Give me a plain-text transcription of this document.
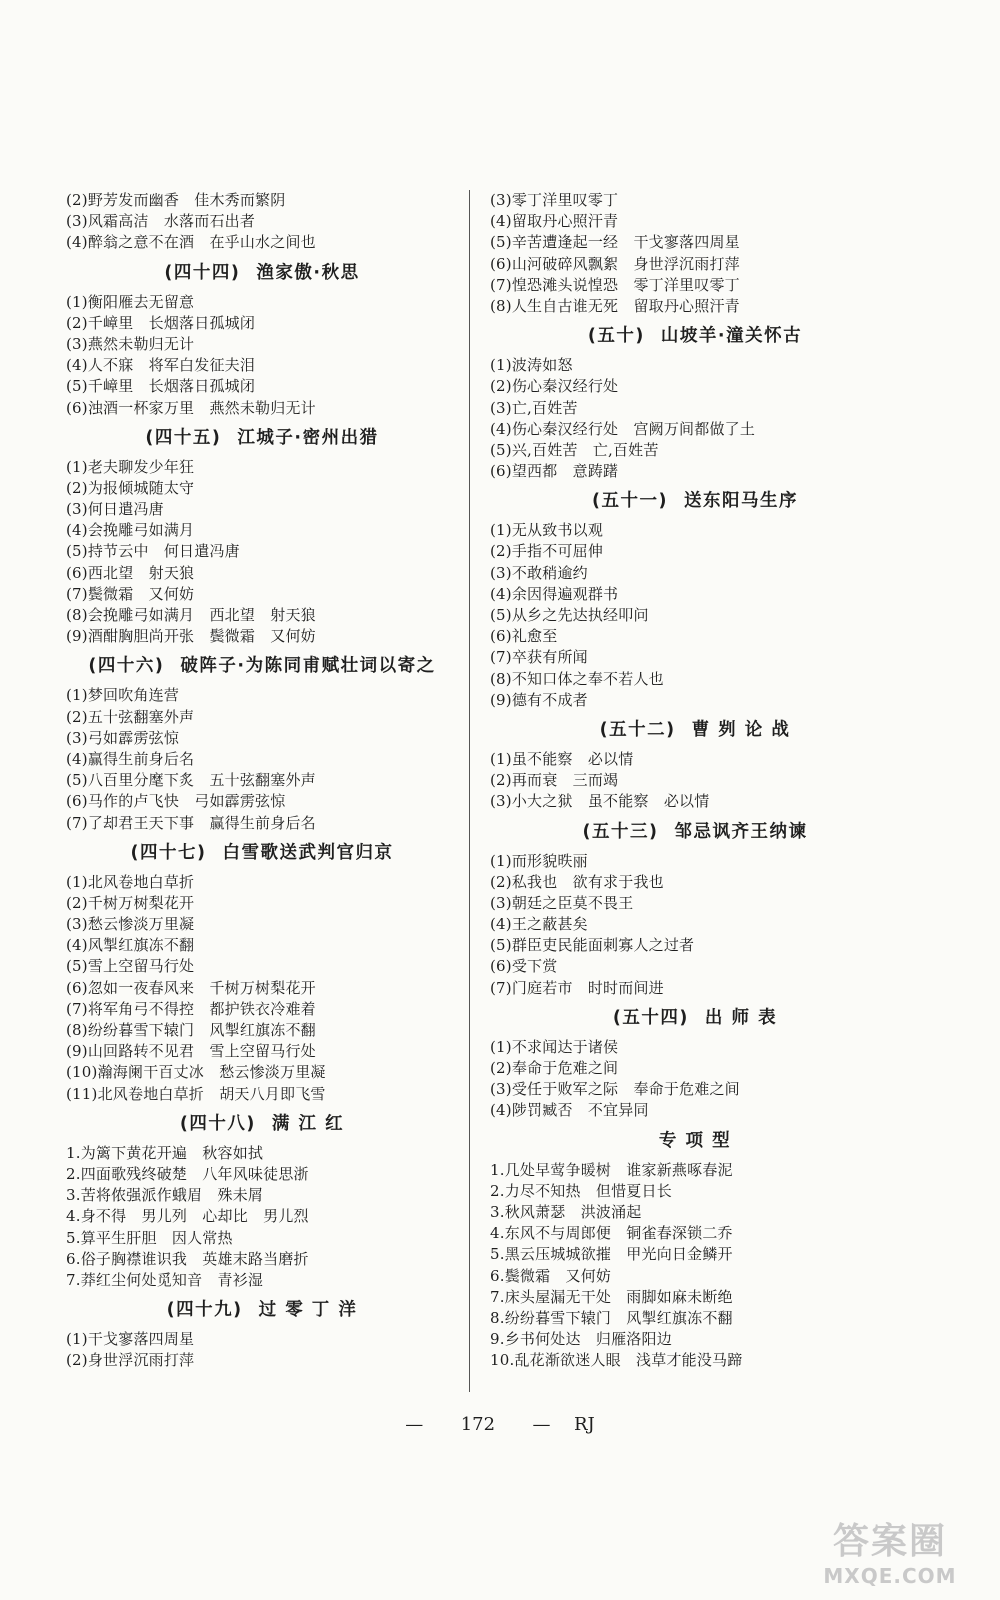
(2)野芳发而幽香　佳木秀而繁阴
(3)风霜高洁　水落而石出者
(4)醉翁之意不在酒　在乎山水之间也
(四十四) 渔家傲·秋思
(1)衡阳雁去无留意
(2)千嶂里　长烟落日孤城闭
(3)燕然未勒归无计
(4)人不寐　将军白发征夫泪
(5)千嶂里　长烟落日孤城闭
(6)浊酒一杯家万里　燕然未勒归无计
(四十五) 江城子·密州出猎
(1)老夫聊发少年狂
(2)为报倾城随太守
(3)何日遣冯唐
(4)会挽雕弓如满月
(5)持节云中　何日遣冯唐
(6)西北望　射天狼
(7)鬓微霜　又何妨
(8)会挽雕弓如满月　西北望　射天狼
(9)酒酣胸胆尚开张　鬓微霜　又何妨
(四十六) 破阵子·为陈同甫赋壮词以寄之
(1)梦回吹角连营
(2)五十弦翻塞外声
(3)弓如霹雳弦惊
(4)赢得生前身后名
(5)八百里分麾下炙　五十弦翻塞外声
(6)马作的卢飞快　弓如霹雳弦惊
(7)了却君王天下事　赢得生前身后名
(四十七) 白雪歌送武判官归京
(1)北风卷地白草折
(2)千树万树梨花开
(3)愁云惨淡万里凝
(4)风掣红旗冻不翻
(5)雪上空留马行处
(6)忽如一夜春风来　千树万树梨花开
(7)将军角弓不得控　都护铁衣冷难着
(8)纷纷暮雪下辕门　风掣红旗冻不翻
(9)山回路转不见君　雪上空留马行处
(10)瀚海阑干百丈冰　愁云惨淡万里凝
(11)北风卷地白草折　胡天八月即飞雪
(四十八) 满 江 红
1.为篱下黄花开遍　秋容如拭
2.四面歌残终破楚　八年风味徒思浙
3.苦将侬强派作蛾眉　殊未屑
4.身不得　男儿列　心却比　男儿烈
5.算平生肝胆　因人常热
6.俗子胸襟谁识我　英雄末路当磨折
7.莽红尘何处觅知音　青衫湿
(四十九) 过 零 丁 洋
(1)干戈寥落四周星
(2)身世浮沉雨打萍
(3)零丁洋里叹零丁
(4)留取丹心照汗青
(5)辛苦遭逢起一经　干戈寥落四周星
(6)山河破碎风飘絮　身世浮沉雨打萍
(7)惶恐滩头说惶恐　零丁洋里叹零丁
(8)人生自古谁无死　留取丹心照汗青
(五十) 山坡羊·潼关怀古
(1)波涛如怒
(2)伤心秦汉经行处
(3)亡,百姓苦
(4)伤心秦汉经行处　宫阙万间都做了土
(5)兴,百姓苦　亡,百姓苦
(6)望西都　意踌躇
(五十一) 送东阳马生序
(1)无从致书以观
(2)手指不可屈伸
(3)不敢稍逾约
(4)余因得遍观群书
(5)从乡之先达执经叩问
(6)礼愈至
(7)卒获有所闻
(8)不知口体之奉不若人也
(9)德有不成者
(五十二) 曹 刿 论 战
(1)虽不能察　必以情
(2)再而衰　三而竭
(3)小大之狱　虽不能察　必以情
(五十三) 邹忌讽齐王纳谏
(1)而形貌昳丽
(2)私我也　欲有求于我也
(3)朝廷之臣莫不畏王
(4)王之蔽甚矣
(5)群臣吏民能面刺寡人之过者
(6)受下赏
(7)门庭若市　时时而间进
(五十四) 出 师 表
(1)不求闻达于诸侯
(2)奉命于危难之间
(3)受任于败军之际　奉命于危难之间
(4)陟罚臧否　不宜异同
专 项 型
1.几处早莺争暖树　谁家新燕啄春泥
2.力尽不知热　但惜夏日长
3.秋风萧瑟　洪波涌起
4.东风不与周郎便　铜雀春深锁二乔
5.黑云压城城欲摧　甲光向日金鳞开
6.鬓微霜　又何妨
7.床头屋漏无干处　雨脚如麻未断绝
8.纷纷暮雪下辕门　风掣红旗冻不翻
9.乡书何处达　归雁洛阳边
10.乱花渐欲迷人眼　浅草才能没马蹄
— 172 — RJ
答案圈
MXQE.COM
